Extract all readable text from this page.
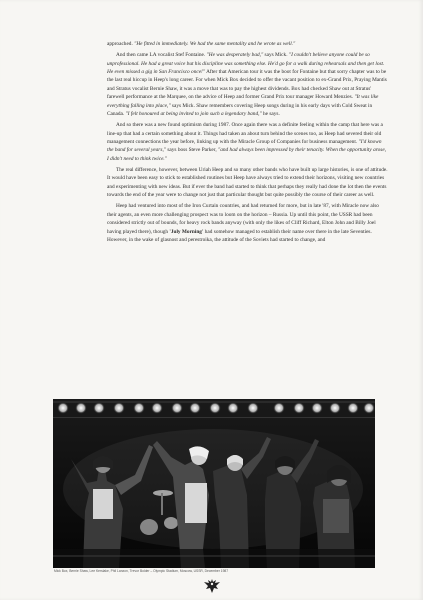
approached. "He fitted in immediately. We had the same mentality and he wrote as well."

And then came LA vocalist Stef Fontaine. "He was desperately bad," says Mick. "I couldn't believe anyone could be so unprofessional. He had a great voice but his discipline was something else. He'd go for a walk during rehearsals and then get lost. He even missed a gig in San Francisco once!" After that American tour it was the boot for Fontaine but that sorry chapter was to be the last real hiccup in Heep's long career. For when Mick Box decided to offer the vacant position to ex-Grand Prix, Praying Mantis and Stratus vocalist Bernie Shaw, it was a move that was to pay the highest dividends. Box had checked Shaw out at Stratus' farewell performance at the Marquee, on the advice of Heep and former Grand Prix tour manager Howard Menzies. "It was like everything falling into place," says Mick. Shaw remembers covering Heep songs during in his early days with Cold Sweat in Canada. "I felt honoured at being invited to join such a legendary band," he says.

And so there was a new found optimism during 1987. Once again there was a definite feeling within the camp that here was a line-up that had a certain something about it. Things had taken an about turn behind the scenes too, as Heep had severed their old management connections the year before, linking up with the Miracle Group of Companies for business management. "I'd known the band for several years," says boss Steve Parker, "and had always been impressed by their tenacity. When the opportunity arose, I didn't need to think twice."

The real difference, however, between Uriah Heep and so many other bands who have built up large histories, is one of attitude. It would have been easy to stick to established routines but Heep have always tried to extend their horizons, visiting new countries and experimenting with new ideas. But if ever the band had started to think that perhaps they really had done the lot then the events towards the end of the year were to change not just that particular thought but quite possibly the course of their career as well.

Heep had ventured into most of the Iron Curtain countries, and had returned for more, but in late '87, with Miracle now also their agents, an even more challenging prospect was to loom on the horizon – Russia. Up until this point, the USSR had been considered strictly out of bounds, for heavy rock bands anyway (with only the likes of Cliff Richard, Elton John and Billy Joel having played there), though 'July Morning' had somehow managed to establish their name over there in the late Seventies. However, in the wake of glasnost and perestroika, the attitude of the Soviets had started to change, and

Mick Box, Bernie Shaw, Lee Kerslake, Phil Lanzon, Trevor Bolder – Olympic Stadium, Moscow, USSR, December 1987
